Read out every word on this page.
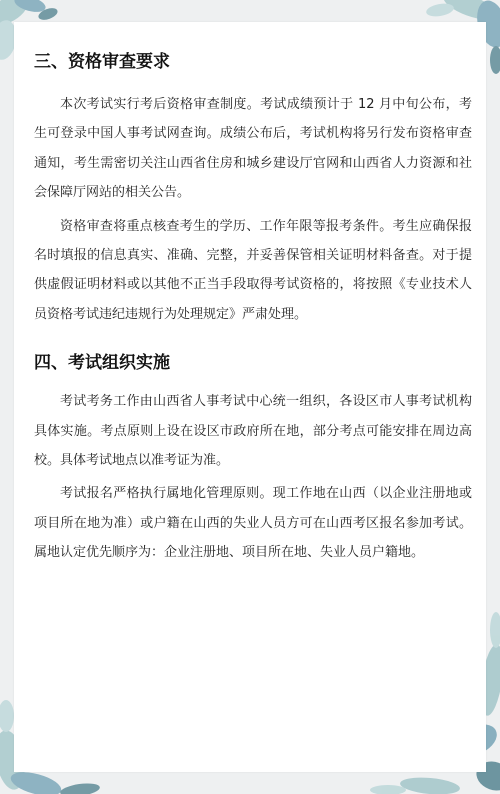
三、资格审查要求

本次考试实行考后资格审查制度。考试成绩预计于 12 月中旬公布，考生可登录中国人事考试网查询。成绩公布后，考试机构将另行发布资格审查通知，考生需密切关注山西省住房和城乡建设厅官网和山西省人力资源和社会保障厅网站的相关公告。

资格审查将重点核查考生的学历、工作年限等报考条件。考生应确保报名时填报的信息真实、准确、完整，并妥善保管相关证明材料备查。对于提供虚假证明材料或以其他不正当手段取得考试资格的，将按照《专业技术人员资格考试违纪违规行为处理规定》严肃处理。

四、考试组织实施

考试考务工作由山西省人事考试中心统一组织，各设区市人事考试机构具体实施。考点原则上设在设区市政府所在地，部分考点可能安排在周边高校。具体考试地点以准考证为准。

考试报名严格执行属地化管理原则。现工作地在山西（以企业注册地或项目所在地为准）或户籍在山西的失业人员方可在山西考区报名参加考试。属地认定优先顺序为：企业注册地、项目所在地、失业人员户籍地。
